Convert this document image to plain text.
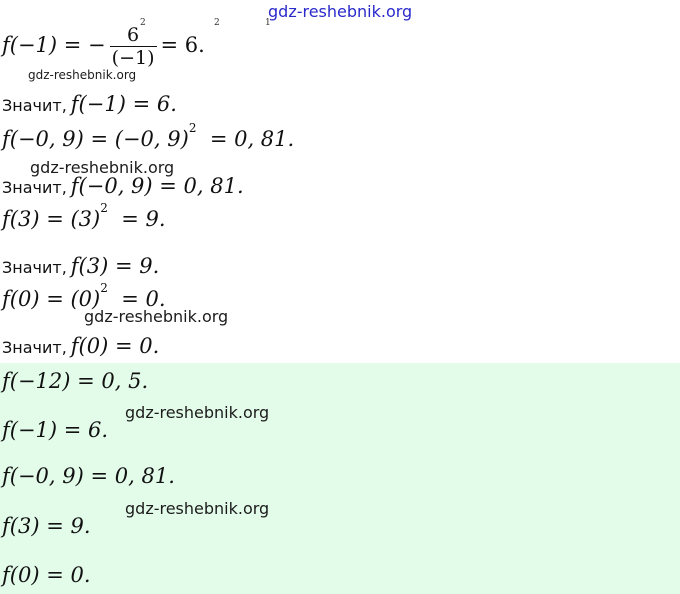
gdz-reshebnik.org
2	2	1
f(−1) = − $\frac{6}{(-1)} = 6$.
gdz-reshebnik.org
Значит, f(−1) = 6.
f(−0, 9) = (−0, 9)$^2$ = 0, 81.
gdz-reshebnik.org
Значит, f(−0, 9) = 0, 81.
$f(3) = (3)^2 = 9$.
Значит, f(3) = 9.
$f(0) = (0)^2 = 0$.
gdz-reshebnik.org
Значит, f(0) = 0.
f(−12) = 0, 5.
gdz-reshebnik.org
f(−1) = 6.
f(−0, 9) = 0, 81.
gdz-reshebnik.org
f(3) = 9.
f(0) = 0.
